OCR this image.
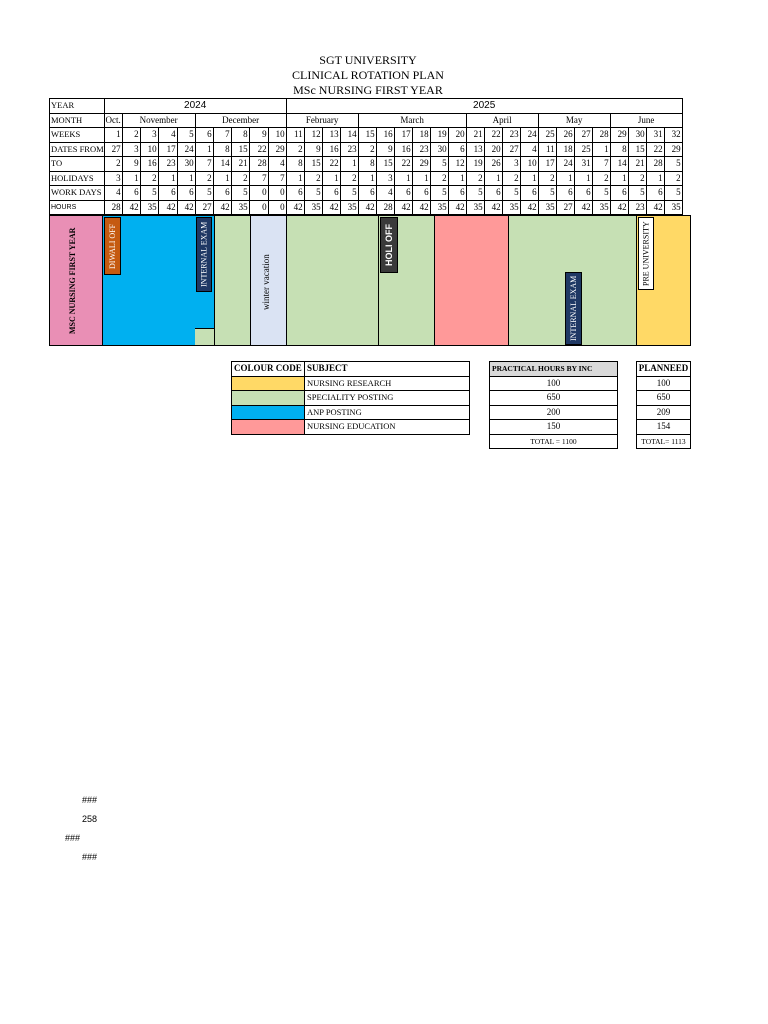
SGT UNIVERSITY
CLINICAL ROTATION PLAN
MSc NURSING FIRST YEAR
YEAR	2024										2025																					
MONTH	Oct.	November				December					February				March						April				May				June			
WEEKS	1	2	3	4	5	6	7	8	9	10	11	12	13	14	15	16	17	18	19	20	21	22	23	24	25	26	27	28	29	30	31	32
DATES FROM	27	3	10	17	24	1	8	15	22	29	2	9	16	23	2	9	16	23	30	6	13	20	27	4	11	18	25	1	8	15	22	29
TO	2	9	16	23	30	7	14	21	28	4	8	15	22	1	8	15	22	29	5	12	19	26	3	10	17	24	31	7	14	21	28	5
HOLIDAYS	3	1	2	1	1	2	1	2	7	7	1	2	1	2	1	3	1	1	2	1	2	1	2	1	2	1	1	2	1	2	1	2
WORK DAYS	4	6	5	6	6	5	6	5	0	0	6	5	6	5	6	4	6	6	5	6	5	6	5	6	5	6	6	5	6	5	6	5
HOURS	28	42	35	42	42	27	42	35	0	0	42	35	42	35	42	28	42	42	35	42	35	42	35	42	35	27	42	35	42	23	42	35
MSC NURSING FIRST YEAR	DIWALI OFF	INTERNAL EXAM	winter vacation
HOLI OFF
INTERNAL EXAM
PRE UNIVERSITY
COLOUR CODE	SUBJECT
	NURSING RESEARCH
	SPECIALITY POSTING
	ANP POSTING
	NURSING EDUCATION
PRACTICAL HOURS BY INC
100
650
200
150
TOTAL = 1100
PLANNEED
100
650
209
154
TOTAL= 1113
###
258
###
###
